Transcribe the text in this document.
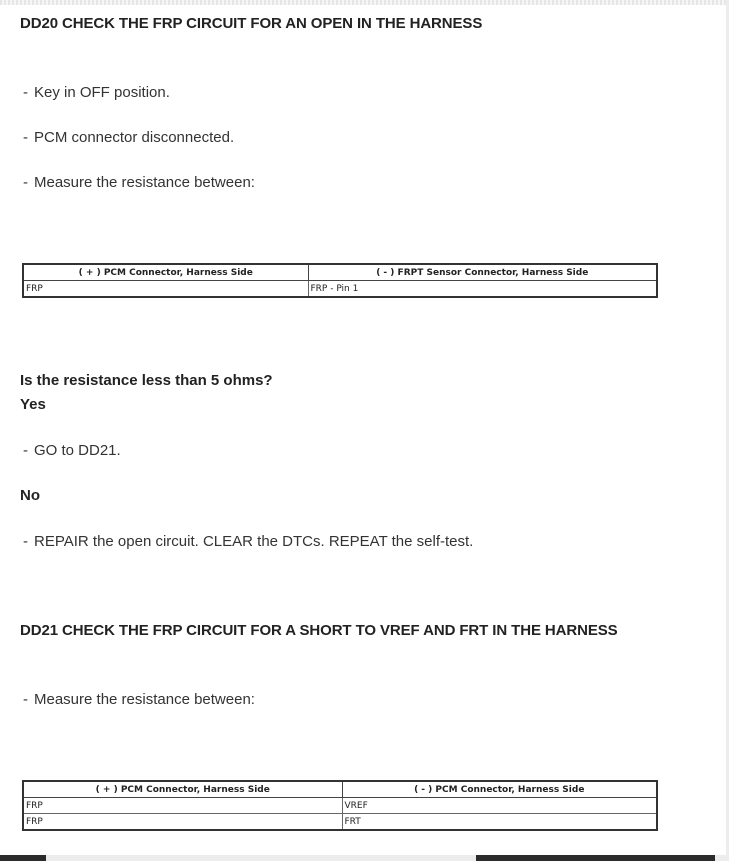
DD20 CHECK THE FRP CIRCUIT FOR AN OPEN IN THE HARNESS
- Key in OFF position.
- PCM connector disconnected.
- Measure the resistance between:
( + ) PCM Connector, Harness Side	( - ) FRPT Sensor Connector, Harness Side
FRP	FRP - Pin 1
Is the resistance less than 5 ohms?
Yes
- GO to DD21.
No
- REPAIR the open circuit. CLEAR the DTCs. REPEAT the self-test.
DD21 CHECK THE FRP CIRCUIT FOR A SHORT TO VREF AND FRT IN THE HARNESS
- Measure the resistance between:
( + ) PCM Connector, Harness Side	( - ) PCM Connector, Harness Side
FRP	VREF
FRP	FRT
